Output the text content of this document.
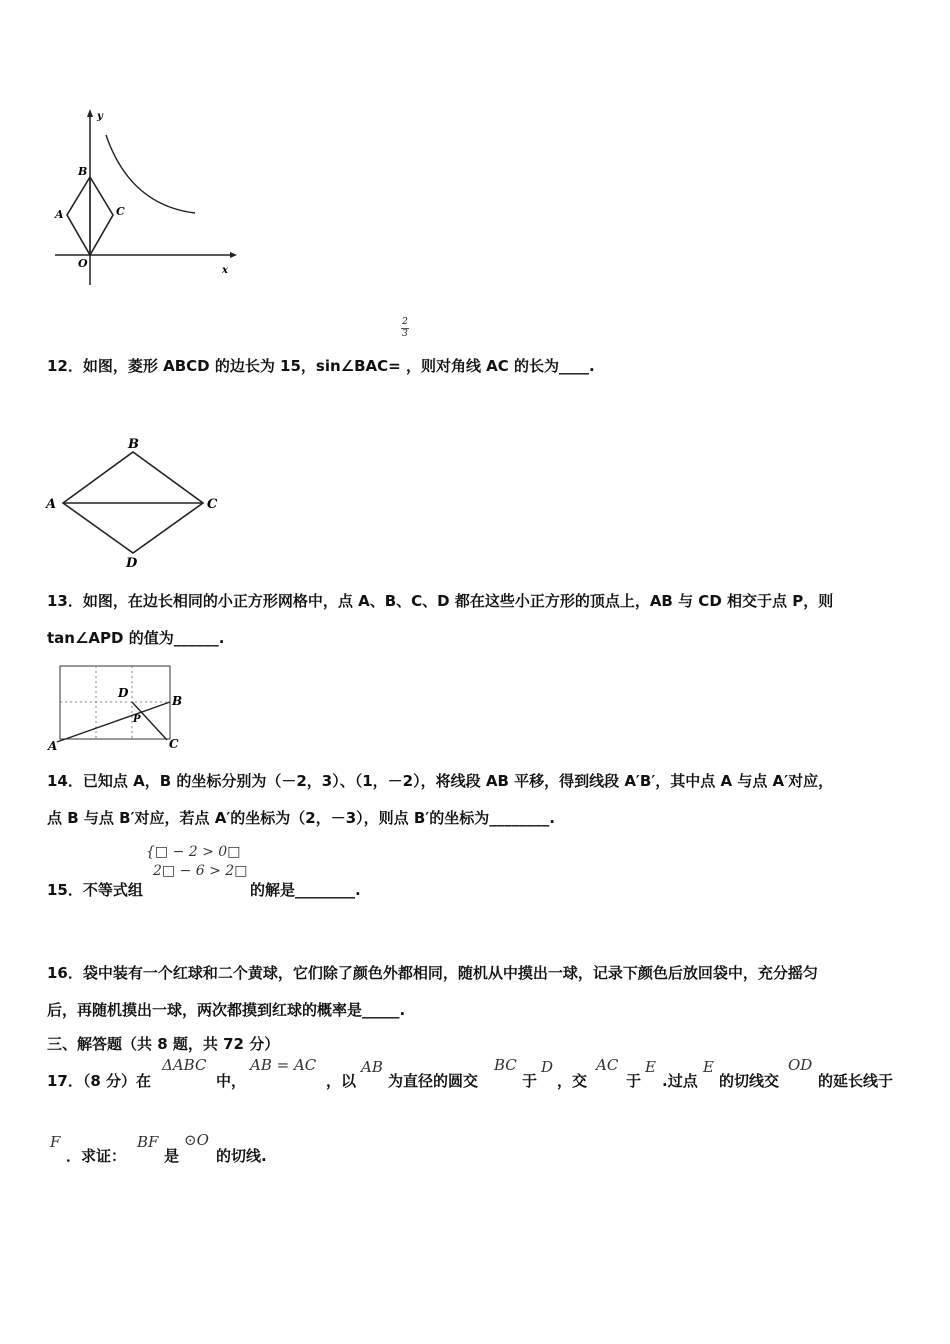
y
x
O
A
B
C
2
3
12．如图，菱形 ABCD 的边长为 15，sin∠BAC= ，则对角线 AC 的长为____.
A
B
C
D
13．如图，在边长相同的小正方形网格中，点 A、B、C、D 都在这些小正方形的顶点上，AB 与 CD 相交于点 P，则
tan∠APD 的值为______.
A
B
C
D
P
14．已知点 A，B 的坐标分别为（－2，3）、（1，－2），将线段 AB 平移，得到线段 A′B′，其中点 A 与点 A′对应，
点 B 与点 B′对应，若点 A′的坐标为（2，－3），则点 B′的坐标为________.
{□ − 2 > 0□
2□ − 6 > 2□
15．不等式组	的解是________.
16．袋中装有一个红球和二个黄球，它们除了颜色外都相同，随机从中摸出一球，记录下颜色后放回袋中，充分摇匀
后，再随机摸出一球，两次都摸到红球的概率是_____.
三、解答题（共 8 题，共 72 分）
17．（8 分）在
ΔABC
中，
AB = AC
，以
AB
为直径的圆交
BC
于
D
，交
AC
于
E
.过点
E
的切线交
OD
的延长线于
F
．求证：
BF
是
⊙O
的切线.
